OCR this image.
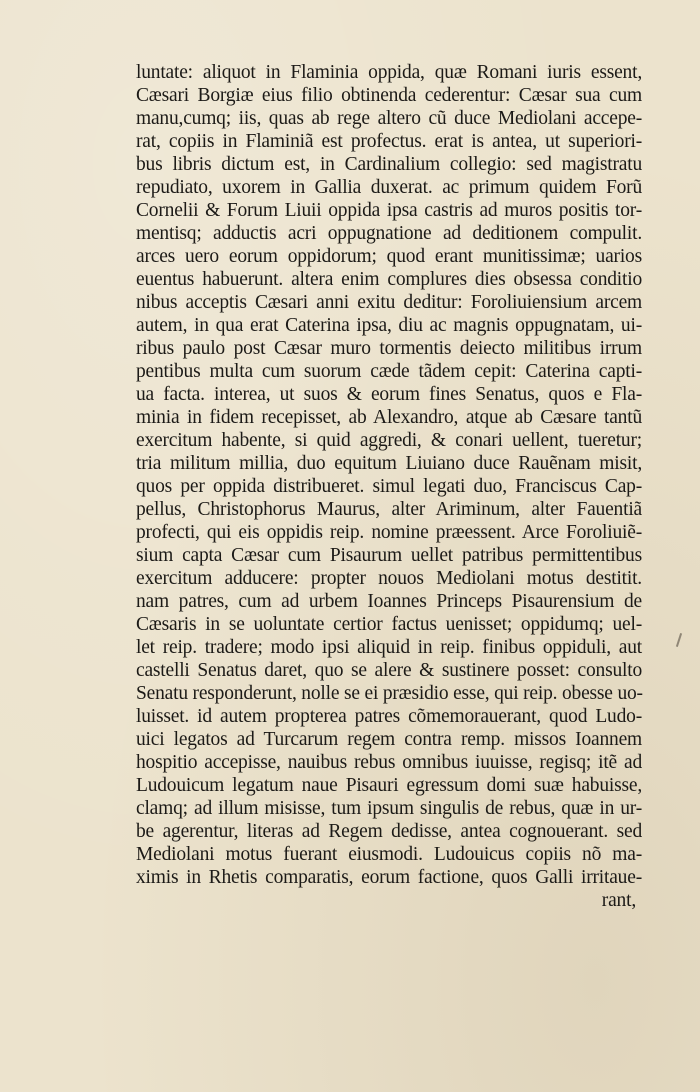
luntate: aliquot in Flaminia oppida, quæ Romani iuris essent,
Cæsari Borgiæ eius filio obtinenda cederentur: Cæsar sua cum
manu,cumq; iis, quas ab rege altero cũ duce Mediolani accepe-
rat, copiis in Flaminiã est profectus. erat is antea, ut superiori-
bus libris dictum est, in Cardinalium collegio: sed magistratu
repudiato, uxorem in Gallia duxerat. ac primum quidem Forũ
Cornelii & Forum Liuii oppida ipsa castris ad muros positis tor-
mentisq; adductis acri oppugnatione ad deditionem compulit.
arces uero eorum oppidorum; quod erant munitissimæ; uarios
euentus habuerunt. altera enim complures dies obsessa conditio
nibus acceptis Cæsari anni exitu deditur: Foroliuiensium arcem
autem, in qua erat Caterina ipsa, diu ac magnis oppugnatam, ui-
ribus paulo post Cæsar muro tormentis deiecto militibus irrum
pentibus multa cum suorum cæde tãdem cepit: Caterina capti-
ua facta. interea, ut suos & eorum fines Senatus, quos e Fla-
minia in fidem recepisset, ab Alexandro, atque ab Cæsare tantũ
exercitum habente, si quid aggredi, & conari uellent, tueretur;
tria militum millia, duo equitum Liuiano duce Rauẽnam misit,
quos per oppida distribueret. simul legati duo, Franciscus Cap-
pellus, Christophorus Maurus, alter Ariminum, alter Fauentiã
profecti, qui eis oppidis reip. nomine præessent. Arce Foroliuiẽ-
sium capta Cæsar cum Pisaurum uellet patribus permittentibus
exercitum adducere: propter nouos Mediolani motus destitit.
nam patres, cum ad urbem Ioannes Princeps Pisaurensium de
Cæsaris in se uoluntate certior factus uenisset; oppidumq; uel-
let reip. tradere; modo ipsi aliquid in reip. finibus oppiduli, aut
castelli Senatus daret, quo se alere & sustinere posset: consulto
Senatu responderunt, nolle se ei præsidio esse, qui reip. obesse uo-
luisset. id autem propterea patres cõmemorauerant, quod Ludo-
uici legatos ad Turcarum regem contra remp. missos Ioannem
hospitio accepisse, nauibus rebus omnibus iuuisse, regisq; itẽ ad
Ludouicum legatum naue Pisauri egressum domi suæ habuisse,
clamq; ad illum misisse, tum ipsum singulis de rebus, quæ in ur-
be agerentur, literas ad Regem dedisse, antea cognouerant. sed
Mediolani motus fuerant eiusmodi. Ludouicus copiis nõ ma-
ximis in Rhetis comparatis, eorum factione, quos Galli irritaue-
rant,
